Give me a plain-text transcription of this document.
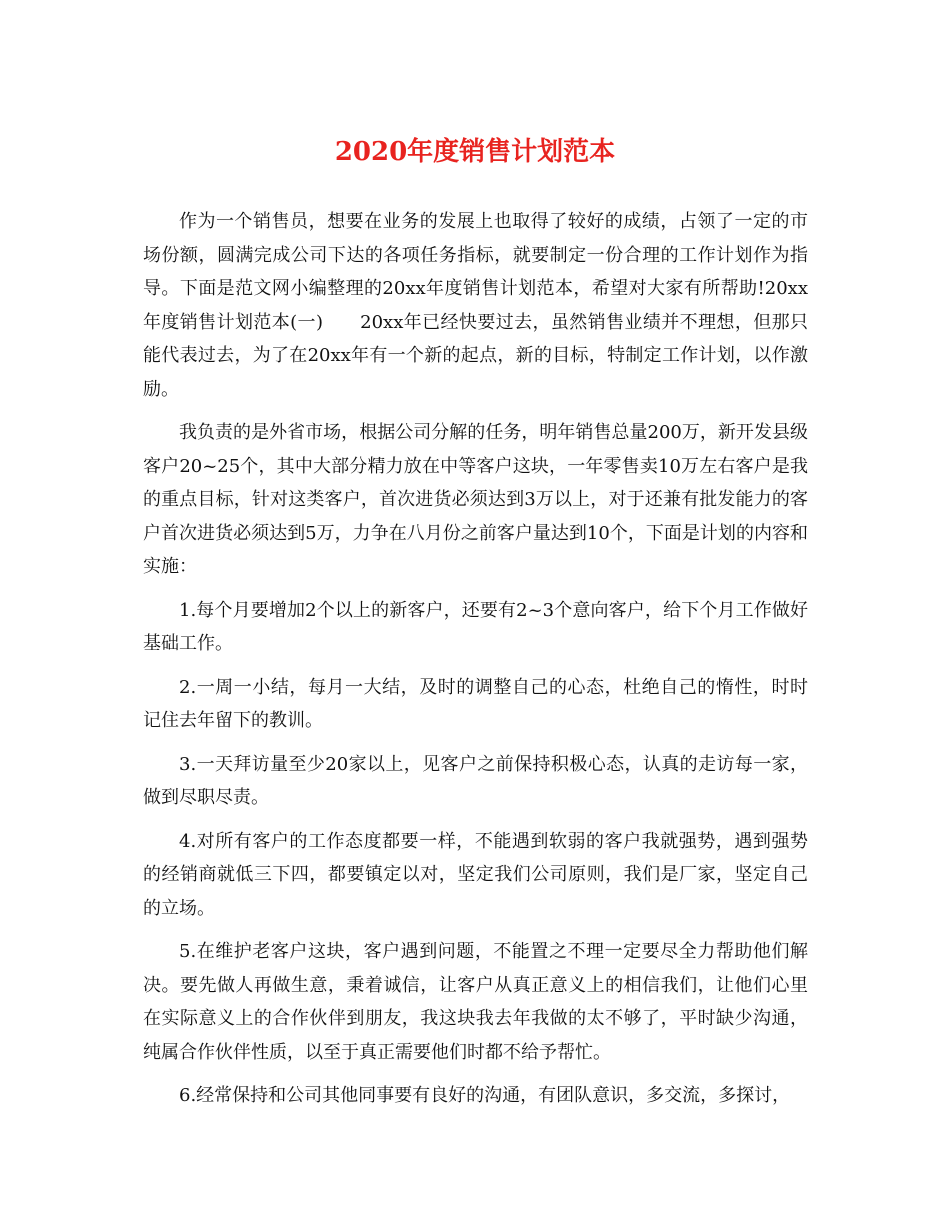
2020年度销售计划范本

作为一个销售员，想要在业务的发展上也取得了较好的成绩，占领了一定的市场份额，圆满完成公司下达的各项任务指标，就要制定一份合理的工作计划作为指导。下面是范文网小编整理的20xx年度销售计划范本，希望对大家有所帮助!20xx年度销售计划范本(一)　　20xx年已经快要过去，虽然销售业绩并不理想，但那只能代表过去，为了在20xx年有一个新的起点，新的目标，特制定工作计划，以作激励。

我负责的是外省市场，根据公司分解的任务，明年销售总量200万，新开发县级客户20~25个，其中大部分精力放在中等客户这块，一年零售卖10万左右客户是我的重点目标，针对这类客户，首次进货必须达到3万以上，对于还兼有批发能力的客户首次进货必须达到5万，力争在八月份之前客户量达到10个，下面是计划的内容和实施：

1.每个月要增加2个以上的新客户，还要有2~3个意向客户，给下个月工作做好基础工作。

2.一周一小结，每月一大结，及时的调整自己的心态，杜绝自己的惰性，时时记住去年留下的教训。

3.一天拜访量至少20家以上，见客户之前保持积极心态，认真的走访每一家，做到尽职尽责。

4.对所有客户的工作态度都要一样，不能遇到软弱的客户我就强势，遇到强势的经销商就低三下四，都要镇定以对，坚定我们公司原则，我们是厂家，坚定自己的立场。

5.在维护老客户这块，客户遇到问题，不能置之不理一定要尽全力帮助他们解决。要先做人再做生意，秉着诚信，让客户从真正意义上的相信我们，让他们心里在实际意义上的合作伙伴到朋友，我这块我去年我做的太不够了，平时缺少沟通，纯属合作伙伴性质，以至于真正需要他们时都不给予帮忙。

6.经常保持和公司其他同事要有良好的沟通，有团队意识，多交流，多探讨，
